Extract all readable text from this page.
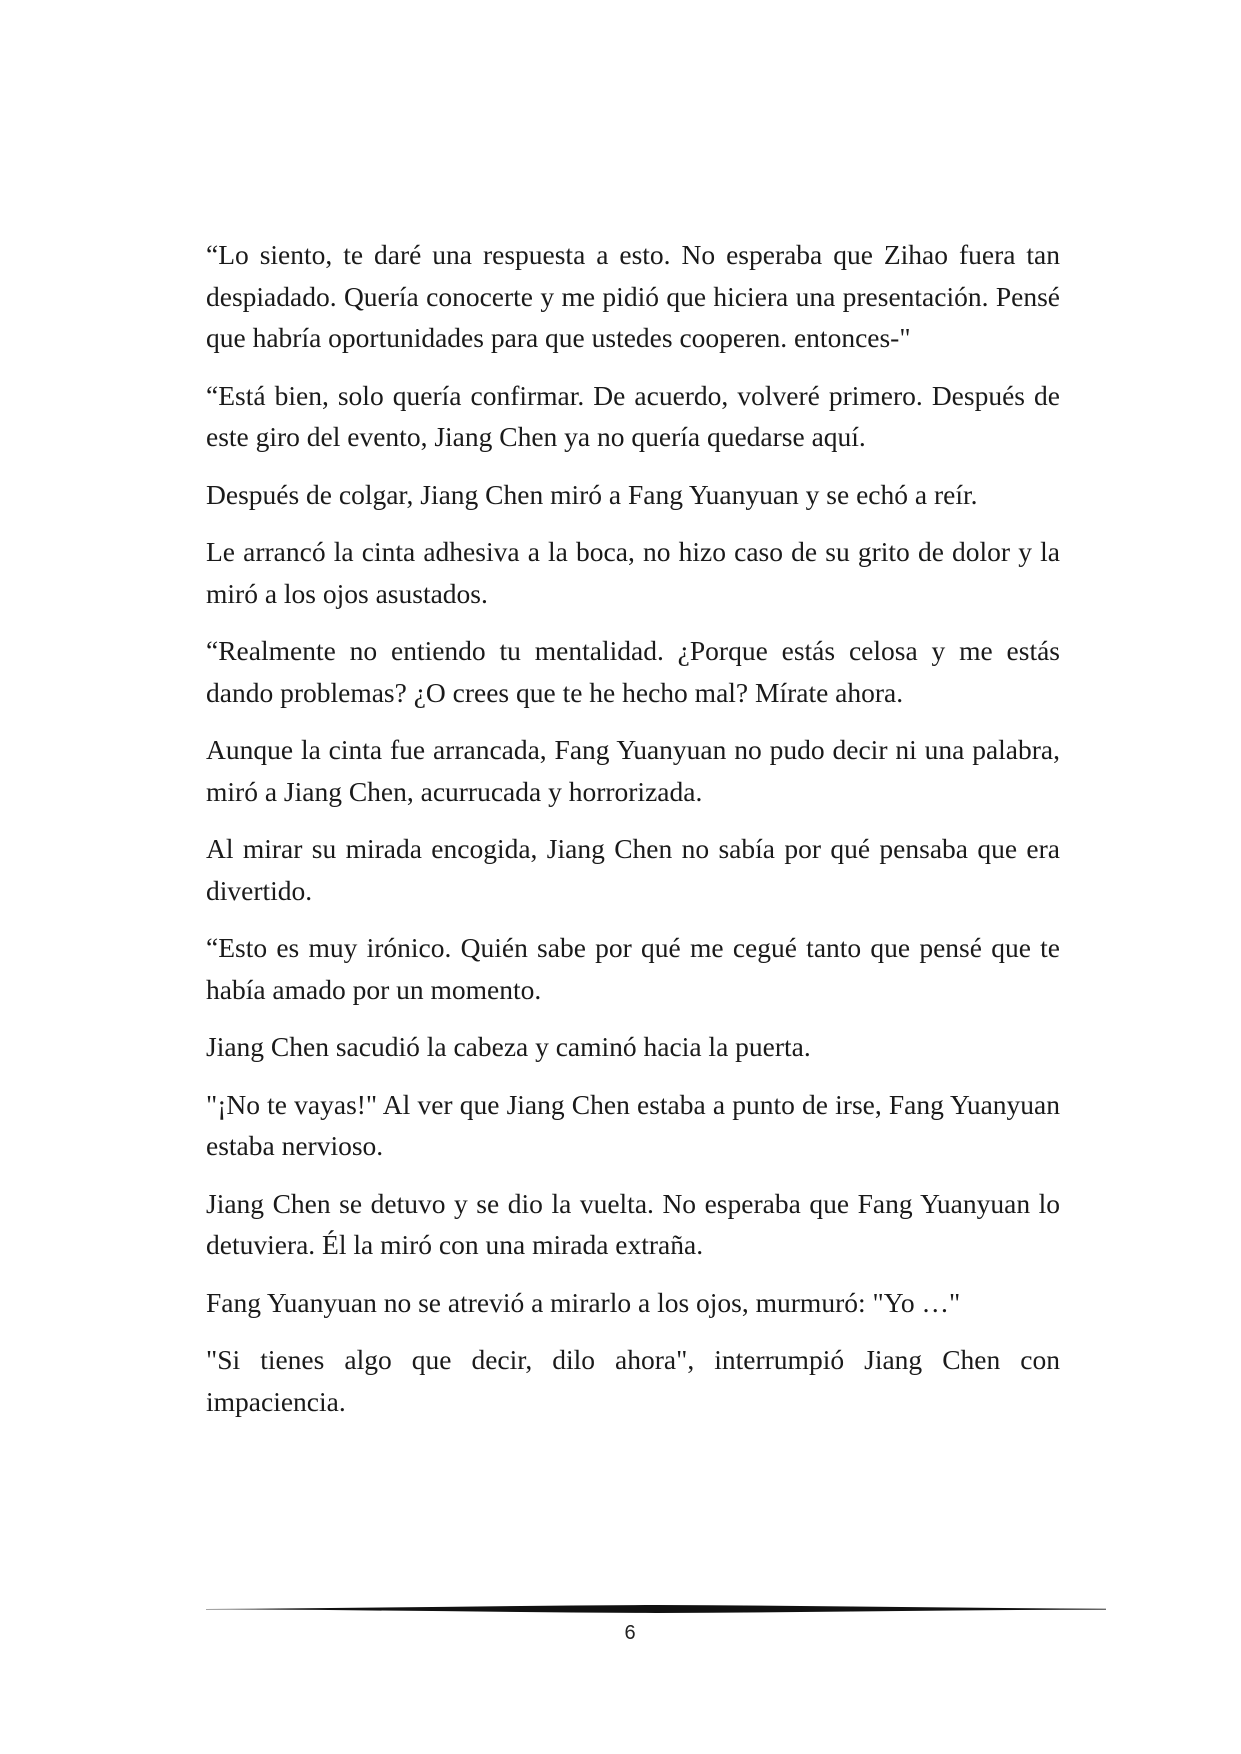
“Lo siento, te daré una respuesta a esto. No esperaba que Zihao fuera tan despiadado. Quería conocerte y me pidió que hiciera una presentación. Pensé que habría oportunidades para que ustedes cooperen. entonces-"

“Está bien, solo quería confirmar. De acuerdo, volveré primero. Después de este giro del evento, Jiang Chen ya no quería quedarse aquí.

Después de colgar, Jiang Chen miró a Fang Yuanyuan y se echó a reír.

Le arrancó la cinta adhesiva a la boca, no hizo caso de su grito de dolor y la miró a los ojos asustados.

“Realmente no entiendo tu mentalidad. ¿Porque estás celosa y me estás dando problemas? ¿O crees que te he hecho mal? Mírate ahora.

Aunque la cinta fue arrancada, Fang Yuanyuan no pudo decir ni una palabra, miró a Jiang Chen, acurrucada y horrorizada.

Al mirar su mirada encogida, Jiang Chen no sabía por qué pensaba que era divertido.

“Esto es muy irónico. Quién sabe por qué me cegué tanto que pensé que te había amado por un momento.

Jiang Chen sacudió la cabeza y caminó hacia la puerta.

"¡No te vayas!" Al ver que Jiang Chen estaba a punto de irse, Fang Yuanyuan estaba nervioso.

Jiang Chen se detuvo y se dio la vuelta. No esperaba que Fang Yuanyuan lo detuviera. Él la miró con una mirada extraña.

Fang Yuanyuan no se atrevió a mirarlo a los ojos, murmuró: "Yo …"

"Si tienes algo que decir, dilo ahora", interrumpió Jiang Chen con impaciencia.

6
